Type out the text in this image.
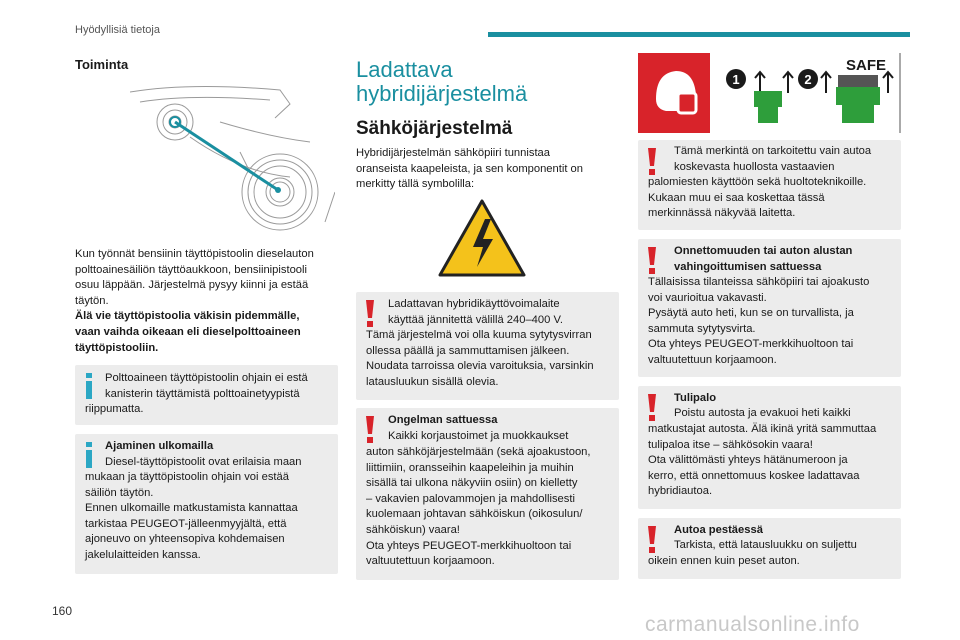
Hyödyllisiä tietoja
160
Toiminta
Kun työnnät bensiinin täyttöpistoolin dieselauton
polttoainesäiliön täyttöaukkoon, bensiinipistooli
osuu läppään. Järjestelmä pysyy kiinni ja estää
täytön.
Älä vie täyttöpistoolia väkisin pidemmälle,
vaan vaihda oikeaan eli dieselpolttoaineen
täyttöpistooliin.
Polttoaineen täyttöpistoolin ohjain ei estä
kanisterin täyttämistä polttoainetyypistä
riippumatta.
Ajaminen ulkomailla
Diesel-täyttöpistoolit ovat erilaisia maan
mukaan ja täyttöpistoolin ohjain voi estää
säiliön täytön.
Ennen ulkomaille matkustamista kannattaa
tarkistaa PEUGEOT-jälleenmyyjältä, että
ajoneuvo on yhteensopiva kohdemaisen
jakelulaitteiden kanssa.
Ladattava
hybridijärjestelmä
Sähköjärjestelmä
Hybridijärjestelmän sähköpiiri tunnistaa
oranseista kaapeleista, ja sen komponentit on
merkitty tällä symbolilla:
Ladattavan hybridikäyttövoimalaite
käyttää jännitettä välillä 240–400 V.
Tämä järjestelmä voi olla kuuma sytytysvirran
ollessa päällä ja sammuttamisen jälkeen.
Noudata tarroissa olevia varoituksia, varsinkin
latausluukun sisällä olevia.
Ongelman sattuessa
Kaikki korjaustoimet ja muokkaukset
auton sähköjärjestelmään (sekä ajoakustoon,
liittimiin, oransseihin kaapeleihin ja muihin
sisällä tai ulkona näkyviin osiin) on kielletty
– vakavien palovammojen ja mahdollisesti
kuolemaan johtavan sähköiskun (oikosulun/
sähköiskun) vaara!
Ota yhteys PEUGEOT-merkkihuoltoon tai
valtuutettuun korjaamoon.
1	2
SAFE
Tämä merkintä on tarkoitettu vain autoa
koskevasta huollosta vastaavien
palomiesten käyttöön sekä huoltoteknikoille.
Kukaan muu ei saa koskettaa tässä
merkinnässä näkyvää laitetta.
Onnettomuuden tai auton alustan
vahingoittumisen sattuessa
Tällaisissa tilanteissa sähköpiiri tai ajoakusto
voi vaurioitua vakavasti.
Pysäytä auto heti, kun se on turvallista, ja
sammuta sytytysvirta.
Ota yhteys PEUGEOT-merkkihuoltoon tai
valtuutettuun korjaamoon.
Tulipalo
Poistu autosta ja evakuoi heti kaikki
matkustajat autosta. Älä ikinä yritä sammuttaa
tulipaloa itse – sähkösokin vaara!
Ota välittömästi yhteys hätänumeroon ja
kerro, että onnettomuus koskee ladattavaa
hybridiautoa.
Autoa pestäessä
Tarkista, että latausluukku on suljettu
oikein ennen kuin peset auton.
carmanualsonline.info
